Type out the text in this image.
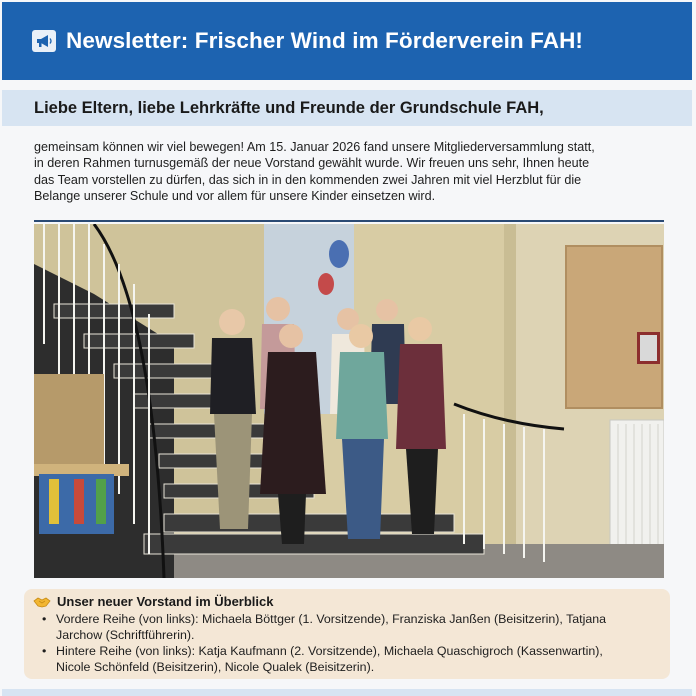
Newsletter: Frischer Wind im Förderverein FAH!
Liebe Eltern, liebe Lehrkräfte und Freunde der Grundschule FAH,
gemeinsam können wir viel bewegen! Am 15. Januar 2026 fand unsere Mitgliederversammlung statt,
in deren Rahmen turnusgemäß der neue Vorstand gewählt wurde. Wir freuen uns sehr, Ihnen heute
das Team vorstellen zu dürfen, das sich in in den kommenden zwei Jahren mit viel Herzblut für die
Belange unserer Schule und vor allem für unsere Kinder einsetzen wird.
Unser neuer Vorstand im Überblick
• Vordere Reihe (von links): Michaela Böttger (1. Vorsitzende), Franziska Janßen (Beisitzerin), Tatjana
Jarchow (Schriftführerin).
• Hintere Reihe (von links): Katja Kaufmann (2. Vorsitzende), Michaela Quaschigroch (Kassenwartin),
Nicole Schönfeld (Beisitzerin), Nicole Qualek (Beisitzerin).
